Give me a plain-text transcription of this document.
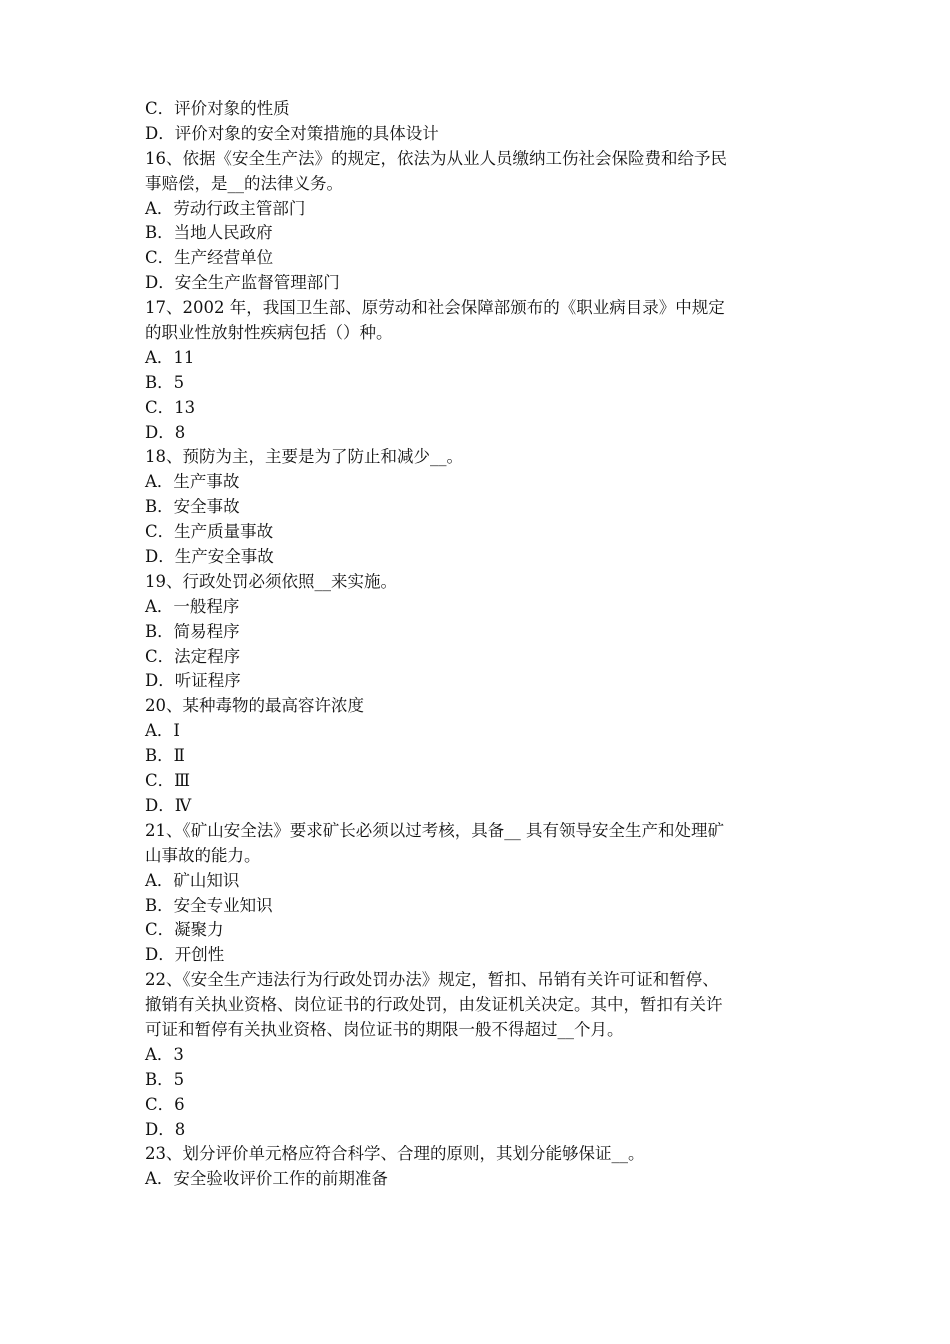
C．评价对象的性质
D．评价对象的安全对策措施的具体设计
16、依据《安全生产法》的规定，依法为从业人员缴纳工伤社会保险费和给予民
事赔偿，是__的法律义务。
A．劳动行政主管部门
B．当地人民政府
C．生产经营单位
D．安全生产监督管理部门
17、2002 年，我国卫生部、原劳动和社会保障部颁布的《职业病目录》中规定
的职业性放射性疾病包括（）种。
A．11
B．5
C．13
D．8
18、预防为主，主要是为了防止和减少__。
A．生产事故
B．安全事故
C．生产质量事故
D．生产安全事故
19、行政处罚必须依照__来实施。
A．一般程序
B．简易程序
C．法定程序
D．听证程序
20、某种毒物的最高容许浓度
A．Ⅰ
B．Ⅱ
C．Ⅲ
D．Ⅳ
21、《矿山安全法》要求矿长必须以过考核，具备__ 具有领导安全生产和处理矿
山事故的能力。
A．矿山知识
B．安全专业知识
C．凝聚力
D．开创性
22、《安全生产违法行为行政处罚办法》规定，暂扣、吊销有关许可证和暂停、
撤销有关执业资格、岗位证书的行政处罚，由发证机关决定。其中，暂扣有关许
可证和暂停有关执业资格、岗位证书的期限一般不得超过__个月。
A．3
B．5
C．6
D．8
23、划分评价单元格应符合科学、合理的原则，其划分能够保证__。
A．安全验收评价工作的前期准备
